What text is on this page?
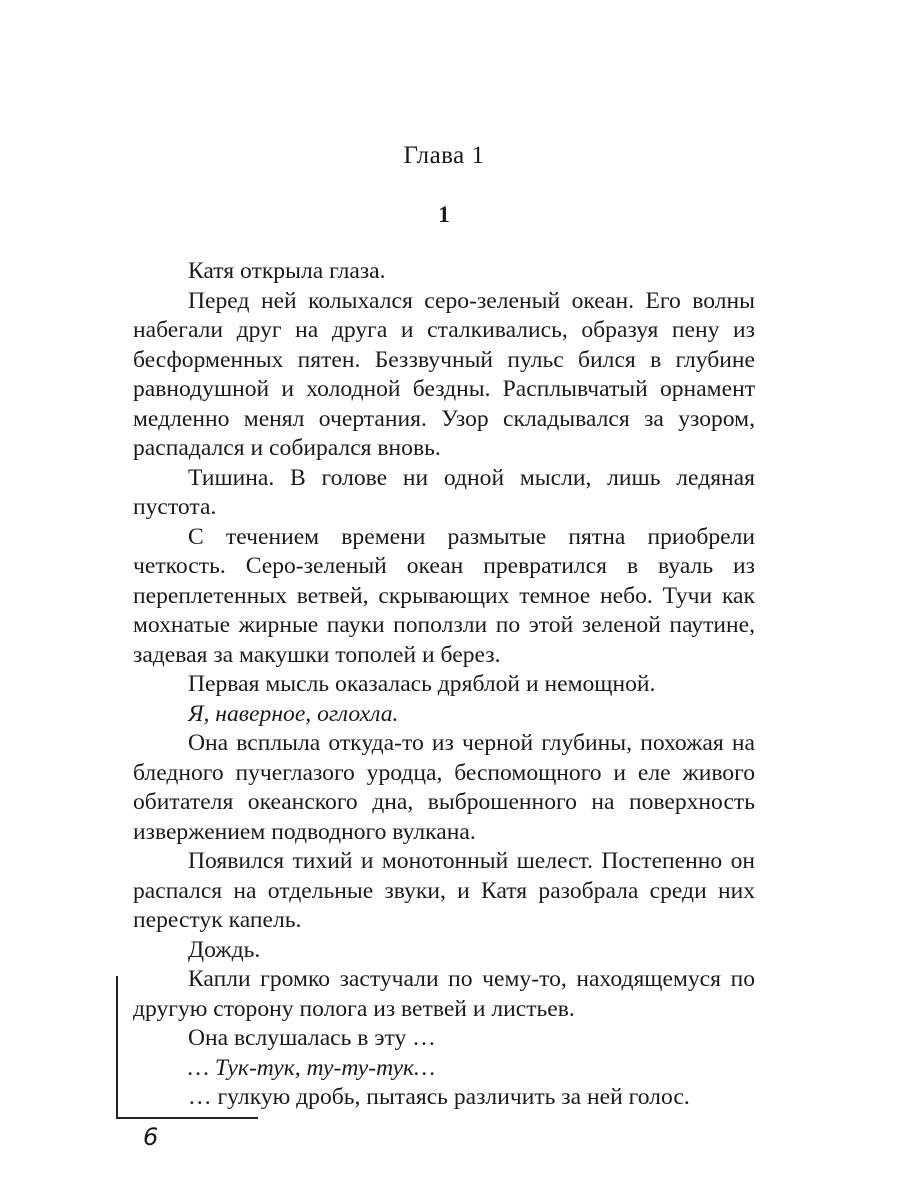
Глава 1
1

Катя открыла глаза.

Перед ней колыхался серо-зеленый океан. Его волны набегали друг на друга и сталкивались, образуя пену из бесформенных пятен. Беззвучный пульс бился в глубине равнодушной и холодной бездны. Расплывчатый орнамент медленно менял очертания. Узор складывался за узором, распадался и собирался вновь.

Тишина. В голове ни одной мысли, лишь ледяная пустота.

С течением времени размытые пятна приобрели четкость. Серо-зеленый океан превратился в вуаль из переплетенных ветвей, скрывающих темное небо. Тучи как мохнатые жирные пауки поползли по этой зеленой паутине, задевая за макушки тополей и берез.

Первая мысль оказалась дряблой и немощной.

Я, наверное, оглохла.

Она всплыла откуда-то из черной глубины, похожая на бледного пучеглазого уродца, беспомощного и еле живого обитателя океанского дна, выброшенного на поверхность извержением подводного вулкана.

Появился тихий и монотонный шелест. Постепенно он распался на отдельные звуки, и Катя разобрала среди них перестук капель.

Дождь.

Капли громко застучали по чему-то, находящемуся по другую сторону полога из ветвей и листьев.

Она вслушалась в эту …

… Тук-тук, ту-ту-тук…

… гулкую дробь, пытаясь различить за ней голос.

6
